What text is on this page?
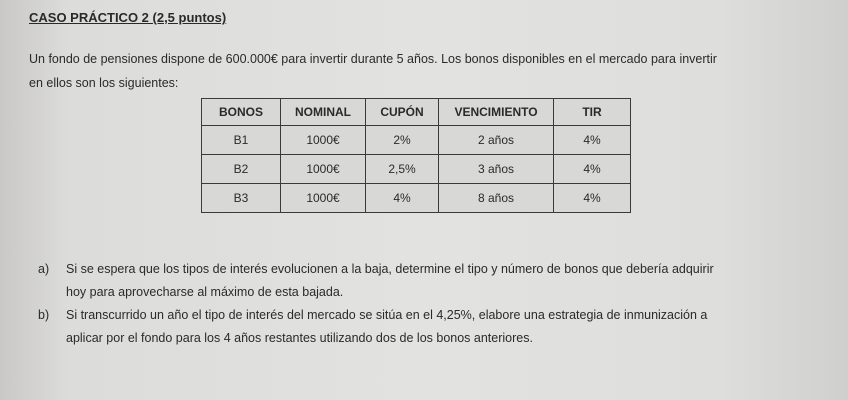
CASO PRÁCTICO 2 (2,5 puntos)
Un fondo de pensiones dispone de 600.000€ para invertir durante 5 años. Los bonos disponibles en el mercado para invertir
en ellos son los siguientes:
BONOS	NOMINAL	CUPÓN	VENCIMIENTO	TIR
B1	1000€	2%	2 años	4%
B2	1000€	2,5%	3 años	4%
B3	1000€	4%	8 años	4%
a) Si se espera que los tipos de interés evolucionen a la baja, determine el tipo y número de bonos que debería adquirir
hoy para aprovecharse al máximo de esta bajada.
b) Si transcurrido un año el tipo de interés del mercado se sitúa en el 4,25%, elabore una estrategia de inmunización a
aplicar por el fondo para los 4 años restantes utilizando dos de los bonos anteriores.
